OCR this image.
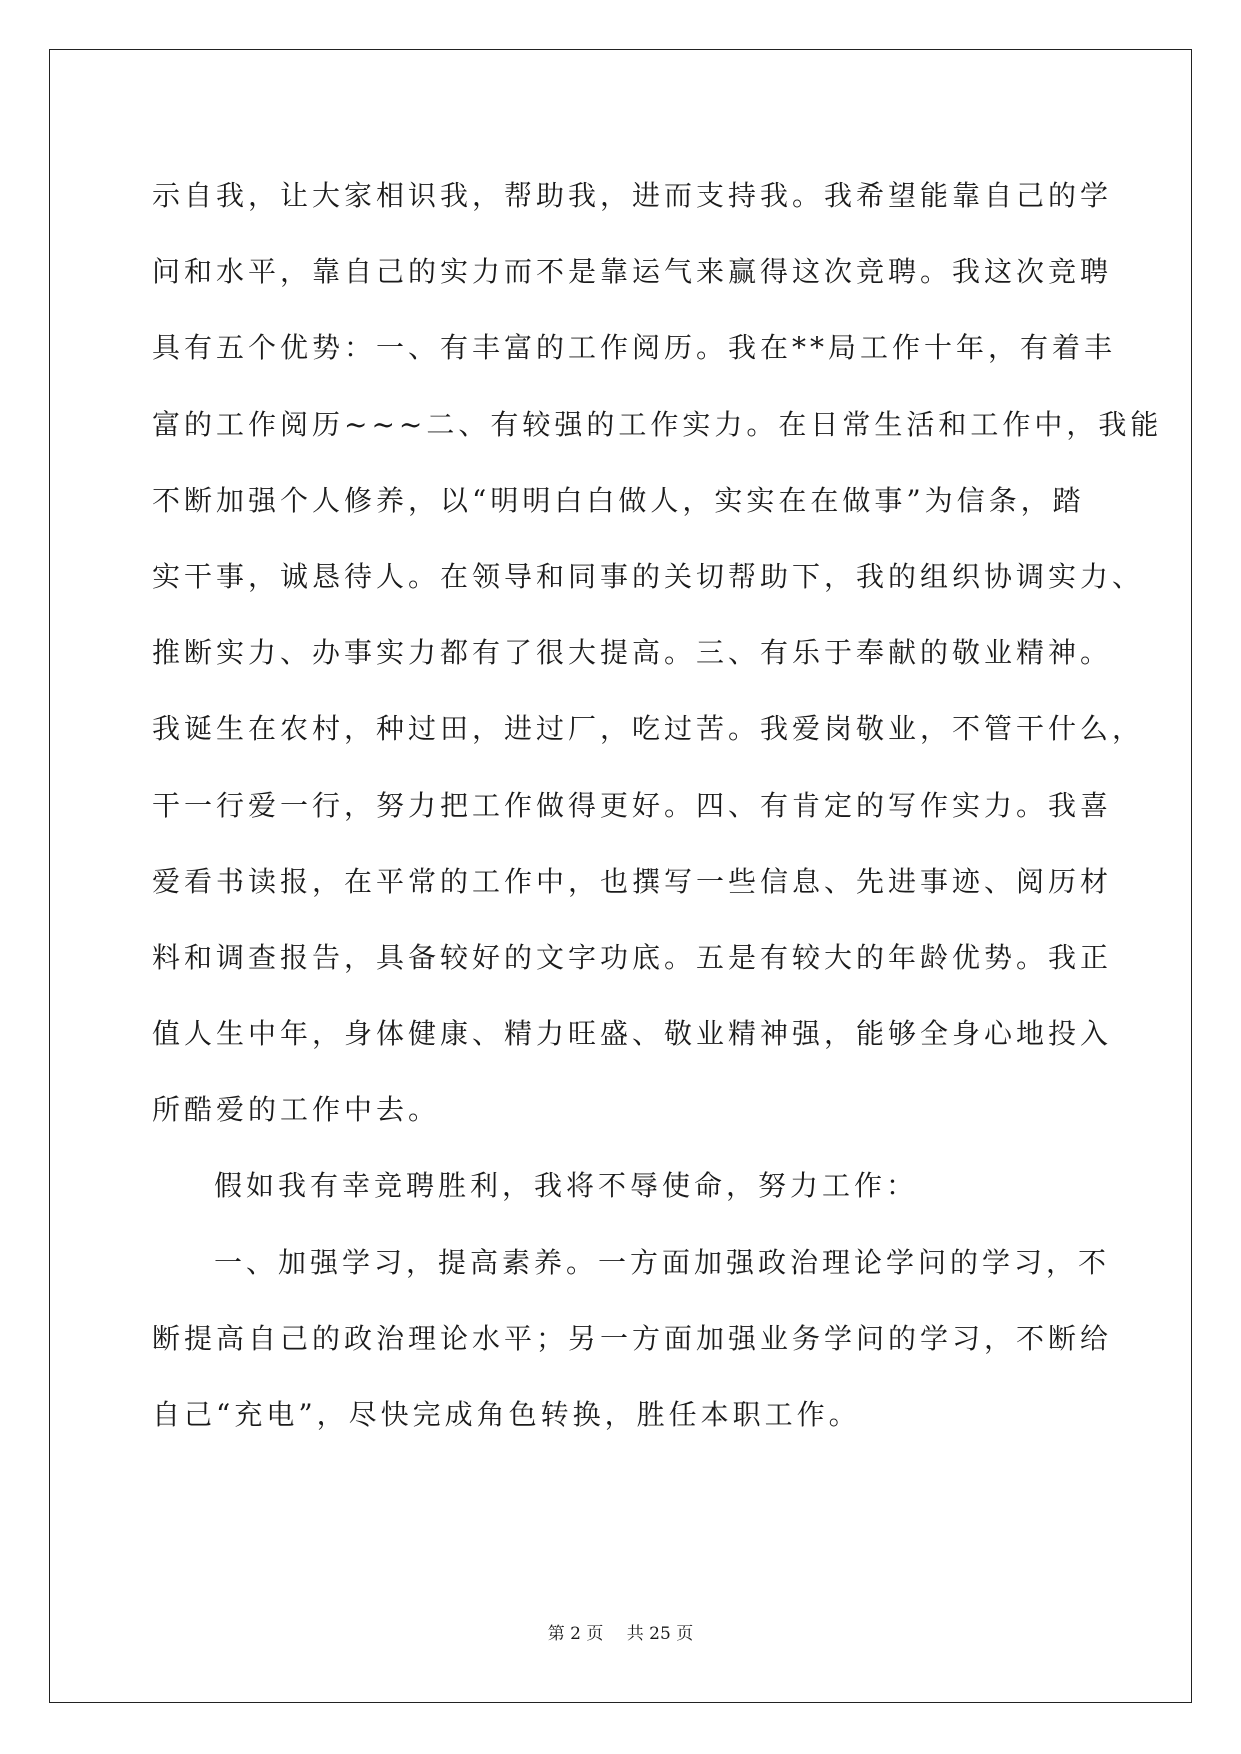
示自我，让大家相识我，帮助我，进而支持我。我希望能靠自己的学
问和水平，靠自己的实力而不是靠运气来赢得这次竞聘。我这次竞聘
具有五个优势：一、有丰富的工作阅历。我在**局工作十年，有着丰
富的工作阅历~~~二、有较强的工作实力。在日常生活和工作中，我能
不断加强个人修养，以“明明白白做人，实实在在做事”为信条，踏
实干事，诚恳待人。在领导和同事的关切帮助下，我的组织协调实力、
推断实力、办事实力都有了很大提高。三、有乐于奉献的敬业精神。
我诞生在农村，种过田，进过厂，吃过苦。我爱岗敬业，不管干什么，
干一行爱一行，努力把工作做得更好。四、有肯定的写作实力。我喜
爱看书读报，在平常的工作中，也撰写一些信息、先进事迹、阅历材
料和调查报告，具备较好的文字功底。五是有较大的年龄优势。我正
值人生中年，身体健康、精力旺盛、敬业精神强，能够全身心地投入
所酷爱的工作中去。
假如我有幸竞聘胜利，我将不辱使命，努力工作：
一、加强学习，提高素养。一方面加强政治理论学问的学习，不
断提高自己的政治理论水平；另一方面加强业务学问的学习，不断给
自己“充电”，尽快完成角色转换，胜任本职工作。
第 2 页 共 25 页
